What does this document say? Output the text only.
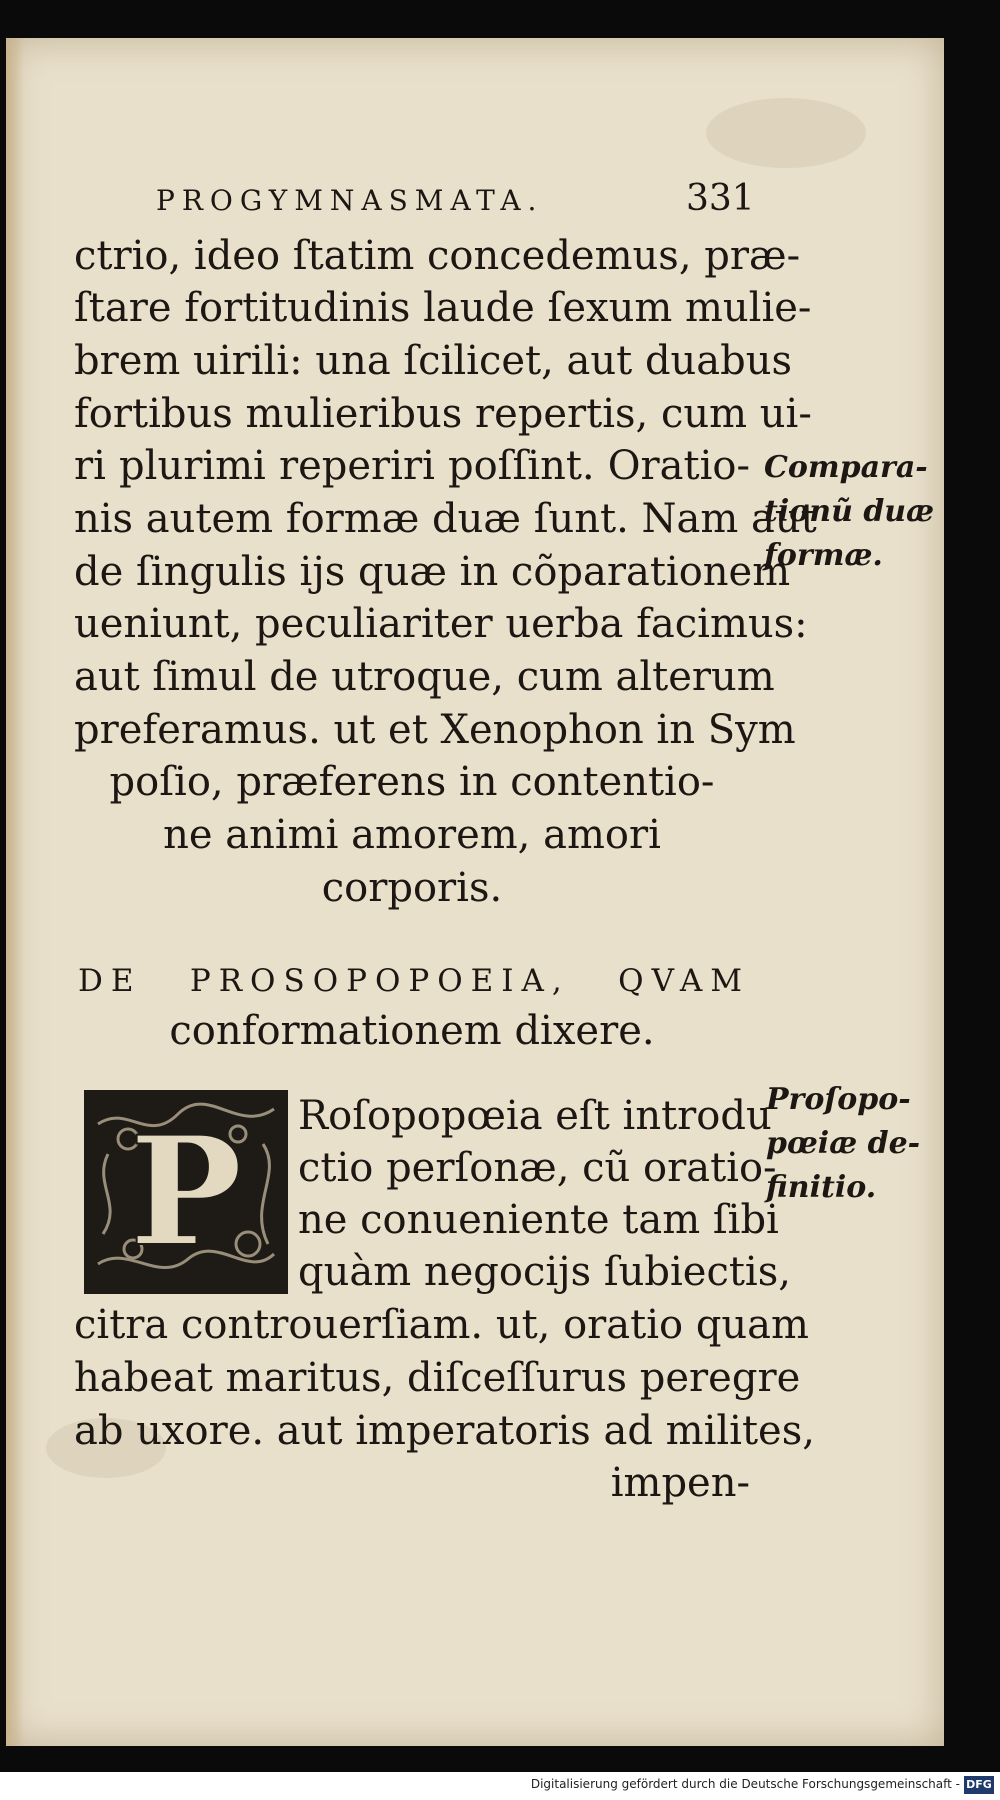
PROGYMNASMATA.	331
ctrio, ideo ſtatim concedemus, præ-
ſtare fortitudinis laude ſexum mulie-
brem uirili: una ſcilicet, aut duabus
fortibus mulieribus repertis, cum ui-
ri plurimi reperiri poſſint. Oratio-
nis autem formæ duæ ſunt. Nam aut
de ſingulis ijs quæ in cõparationem
ueniunt, peculiariter uerba facimus:
aut ſimul de utroque, cum alterum
preferamus. ut et Xenophon in Sym
poſio, præferens in contentio-
ne animi amorem, amori
corporis.
Compara-
tionũ duæ
formæ.
DE PROSOPOPOEIA, QVAM
conformationem dixere.
P Roſopopœia eſt introdu
ctio perſonæ, cũ oratio-
ne conueniente tam ſibi
quàm negocijs ſubiectis,
citra controuerſiam. ut, oratio quam
habeat maritus, diſceſſurus peregre
ab uxore. aut imperatoris ad milites,
impen-
Proſopo-
pœiæ de-
finitio.
Digitalisierung gefördert durch die Deutsche Forschungsgemeinschaft - DFG
